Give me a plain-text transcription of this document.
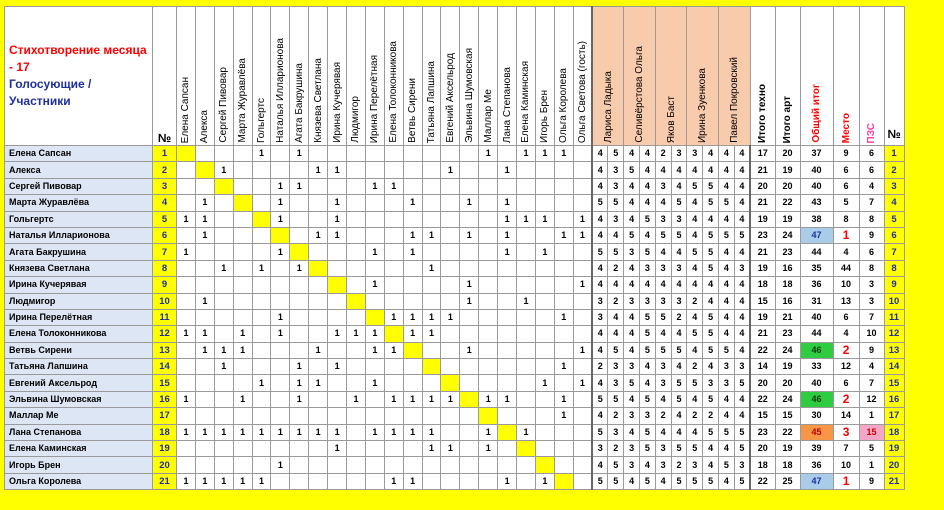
Стихотворение месяца - 17
Голосующие / Участники	№	Елена Сапсан	Алекса	Сергей Пивовар	Марта Журавлёва	Гольгертс	Наталья Илларионова	Агата Бакрушина	Князева Светлана	Ирина Кучерявая	Людмигор	Ирина Перелётная	Елена Толоконникова	Ветвь Сирени	Татьяна Лапшина	Евгений Аксельрод	Эльвина Шумовская	Маллар Ме	Лана Степанова	Елена Каминская	Игорь Брен	Ольга Королева	Ольга Светова (гость)	Лариса Ладыка		Селивёрстова Ольга		Яков Баст		Ирина Зуенкова		Павел Покровский		Итого техно	Итого арт	Общий итог	Место	ПЗС	№
Елена Сапсан	1					1		1										1		1	1	1		4	5	4	4	2	3	3	4	4	4	17	20	37	9	6	1
Алекса	2			1					1	1						1			1					4	3	5	4	4	4	4	4	4	4	21	19	40	6	6	2
Сергей Пивовар	3						1	1				1	1											4	3	4	4	3	4	5	5	4	4	20	20	40	6	4	3
Марта Журавлёва	4		1				1			1				1			1		1					5	5	4	4	4	5	4	5	5	4	21	22	43	5	7	4
Гольгертс	5	1	1				1			1									1	1	1		1	4	3	4	5	3	3	4	4	4	4	19	19	38	8	8	5
Наталья Илларионова	6		1						1	1				1	1		1		1			1	1	4	4	5	4	5	5	4	5	5	5	23	24	47	1	9	6
Агата Бакрушина	7	1					1					1		1					1		1			5	5	3	5	4	4	5	5	4	4	21	23	44	4	6	7
Князева Светлана	8			1		1		1							1									4	2	4	3	3	3	4	5	4	3	19	16	35	44	8	8
Ирина Кучерявая	9											1					1						1	4	4	4	4	4	4	4	4	4	4	18	18	36	10	3	9
Людмигор	10		1														1			1				3	2	3	3	3	3	2	4	4	4	15	16	31	13	3	10
Ирина Перелётная	11						1						1	1	1	1						1		3	4	4	5	5	2	4	5	4	4	19	21	40	6	7	11
Елена Толоконникова	12	1	1		1		1			1	1	1		1	1									4	4	4	5	4	4	5	5	4	4	21	23	44	4	10	12
Ветвь Сирени	13		1	1	1				1			1	1				1						1	4	5	4	5	5	5	4	5	5	4	22	24	46	2	9	13
Татьяна Лапшина	14			1				1		1												1		2	3	3	4	3	4	2	4	3	3	14	19	33	12	4	14
Евгений Аксельрод	15					1		1	1			1									1		1	4	3	5	4	3	5	5	3	3	5	20	20	40	6	7	15
Эльвина Шумовская	16	1			1			1			1		1	1	1	1		1	1			1		5	5	4	5	4	5	4	5	4	4	22	24	46	2	12	16
Маллар Ме	17																					1		4	2	3	3	2	4	2	2	4	4	15	15	30	14	1	17
Лана Степанова	18	1	1	1	1	1	1	1	1	1		1	1	1	1			1		1				5	3	4	5	4	4	4	5	5	5	23	22	45	3	15	18
Елена Каминская	19									1					1	1		1						3	2	3	5	3	5	5	4	4	5	20	19	39	7	5	19
Игорь Брен	20						1																	4	5	3	4	3	2	3	4	5	3	18	18	36	10	1	20
Ольга Королева	21	1	1	1	1	1							1	1					1		1			5	5	4	5	4	5	5	5	4	5	22	25	47	1	9	21
